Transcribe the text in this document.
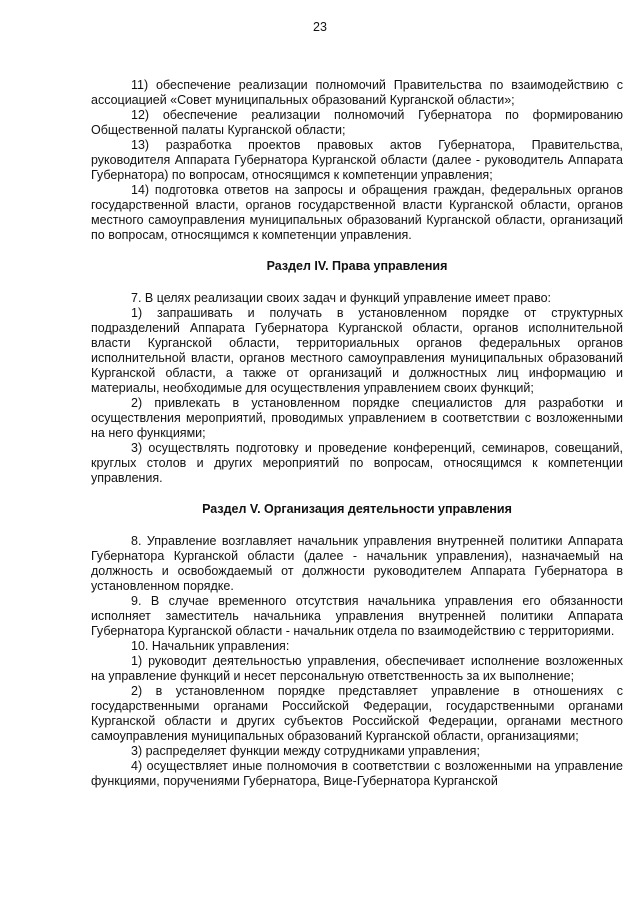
23

11) обеспечение реализации полномочий Правительства по взаимодействию с ассоциацией «Совет муниципальных образований Курганской области»;

12) обеспечение реализации полномочий Губернатора по формированию Общественной палаты Курганской области;

13) разработка проектов правовых актов Губернатора, Правительства, руководителя Аппарата Губернатора Курганской области (далее - руководитель Аппарата Губернатора) по вопросам, относящимся к компетенции управления;

14) подготовка ответов на запросы и обращения граждан, федеральных органов государственной власти, органов государственной власти Курганской области, органов местного самоуправления муниципальных образований Курганской области, организаций по вопросам, относящимся к компетенции управления.

Раздел IV. Права управления

7. В целях реализации своих задач и функций управление имеет право:

1) запрашивать и получать в установленном порядке от структурных подразделений Аппарата Губернатора Курганской области, органов исполнительной власти Курганской области, территориальных органов федеральных органов исполнительной власти, органов местного самоуправления муниципальных образований Курганской области, а также от организаций и должностных лиц информацию и материалы, необходимые для осуществления управлением своих функций;

2) привлекать в установленном порядке специалистов для разработки и осуществления мероприятий, проводимых управлением в соответствии с возложенными на него функциями;

3) осуществлять подготовку и проведение конференций, семинаров, совещаний, круглых столов и других мероприятий по вопросам, относящимся к компетенции управления.

Раздел V. Организация деятельности управления

8. Управление возглавляет начальник управления внутренней политики Аппарата Губернатора Курганской области (далее - начальник управления), назначаемый на должность и освобождаемый от должности руководителем Аппарата Губернатора в установленном порядке.

9. В случае временного отсутствия начальника управления его обязанности исполняет заместитель начальника управления внутренней политики Аппарата Губернатора Курганской области - начальник отдела по взаимодействию с территориями.

10. Начальник управления:

1) руководит деятельностью управления, обеспечивает исполнение возложенных на управление функций и несет персональную ответственность за их выполнение;

2) в установленном порядке представляет управление в отношениях с государственными органами Российской Федерации, государственными органами Курганской области и других субъектов Российской Федерации, органами местного самоуправления муниципальных образований Курганской области, организациями;

3) распределяет функции между сотрудниками управления;

4) осуществляет иные полномочия в соответствии с возложенными на управление функциями, поручениями Губернатора, Вице-Губернатора Курганской
